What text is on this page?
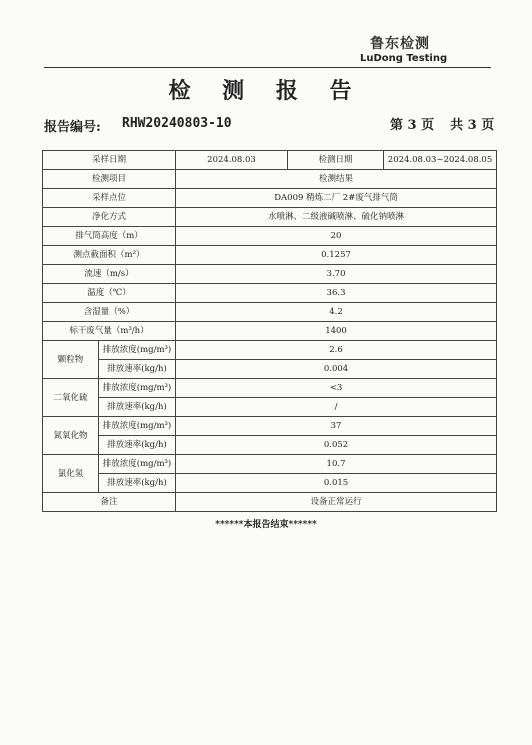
鲁东检测
LuDong Testing
检 测 报 告
报告编号: RHW20240803-10	第 3 页 共 3 页
采样日期		2024.08.03	检测日期	2024.08.03~2024.08.05
检测项目		检测结果		
采样点位		DA009 精炼二厂 2#废气排气筒		
净化方式		水喷淋、二级液碱喷淋、硫化钠喷淋		
排气筒高度（m）		20		
测点截面积（m²）		0.1257		
流速（m/s）		3.70		
温度（℃）		36.3		
含湿量（%）		4.2		
标干废气量（m³/h）		1400		
颗粒物	排放浓度(mg/m³)	2.6		
	排放速率(kg/h)	0.004		
二氧化硫	排放浓度(mg/m³)	<3		
	排放速率(kg/h)	/		
氮氧化物	排放浓度(mg/m³)	37		
	排放速率(kg/h)	0.052		
氯化氢	排放浓度(mg/m³)	10.7		
	排放速率(kg/h)	0.015		
备注		设备正常运行		
******本报告结束******
